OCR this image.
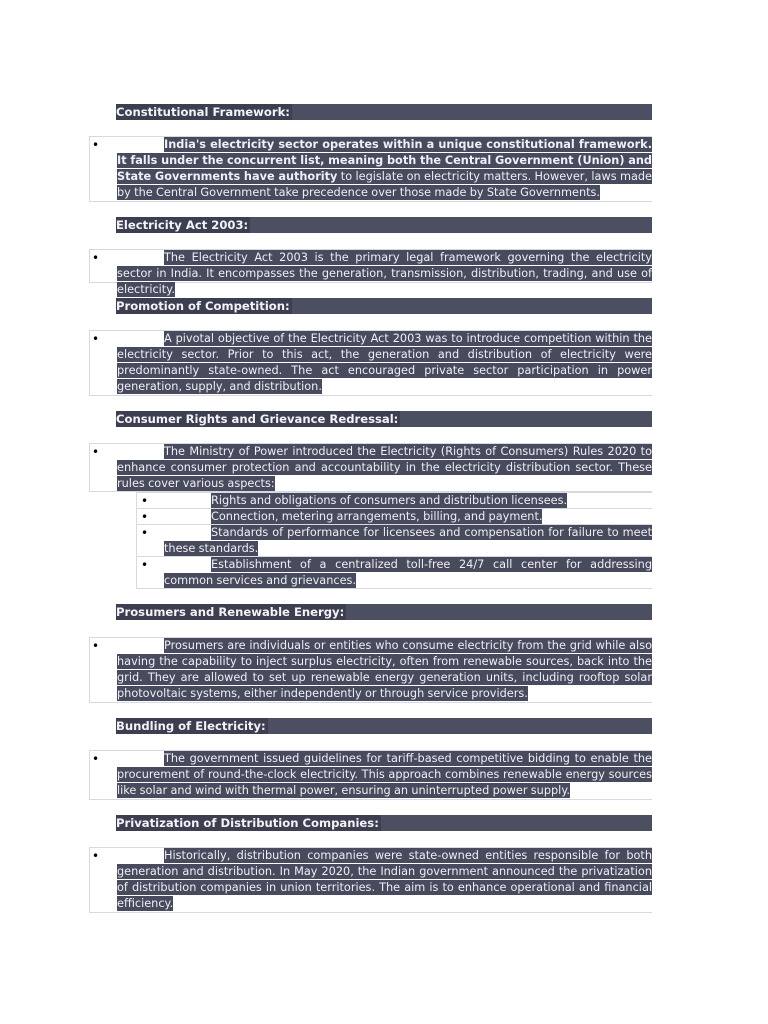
Constitutional Framework:
•	India's electricity sector operates within a unique constitutional framework. It falls under the concurrent list, meaning both the Central Government (Union) and State Governments have authority to legislate on electricity matters. However, laws made by the Central Government take precedence over those made by State Governments.
Electricity Act 2003:
•	The Electricity Act 2003 is the primary legal framework governing the electricity sector in India. It encompasses the generation, transmission, distribution, trading, and use of electricity.
Promotion of Competition:
•	A pivotal objective of the Electricity Act 2003 was to introduce competition within the electricity sector. Prior to this act, the generation and distribution of electricity were predominantly state-owned. The act encouraged private sector participation in power generation, supply, and distribution.
Consumer Rights and Grievance Redressal:
•	The Ministry of Power introduced the Electricity (Rights of Consumers) Rules 2020 to enhance consumer protection and accountability in the electricity distribution sector. These rules cover various aspects:
•	Rights and obligations of consumers and distribution licensees.
•	Connection, metering arrangements, billing, and payment.
•	Standards of performance for licensees and compensation for failure to meet these standards.
•	Establishment of a centralized toll-free 24/7 call center for addressing common services and grievances.
Prosumers and Renewable Energy:
•	Prosumers are individuals or entities who consume electricity from the grid while also having the capability to inject surplus electricity, often from renewable sources, back into the grid. They are allowed to set up renewable energy generation units, including rooftop solar photovoltaic systems, either independently or through service providers.
Bundling of Electricity:
•	The government issued guidelines for tariff-based competitive bidding to enable the procurement of round-the-clock electricity. This approach combines renewable energy sources like solar and wind with thermal power, ensuring an uninterrupted power supply.
Privatization of Distribution Companies:
•	Historically, distribution companies were state-owned entities responsible for both generation and distribution. In May 2020, the Indian government announced the privatization of distribution companies in union territories. The aim is to enhance operational and financial efficiency.
